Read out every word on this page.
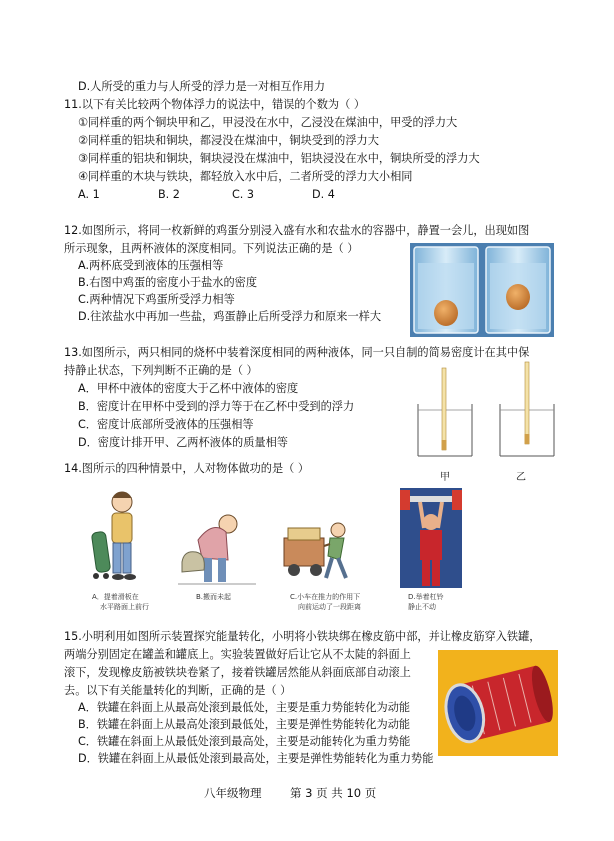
D.人所受的重力与人所受的浮力是一对相互作用力
11.以下有关比较两个物体浮力的说法中，错误的个数为（ ）
①同样重的两个铜块甲和乙，甲浸没在水中，乙浸没在煤油中，甲受的浮力大
②同样重的铝块和铜块，都浸没在煤油中，铜块受到的浮力大
③同样重的铝块和铜块，铜块浸没在煤油中，铝块浸没在水中，铜块所受的浮力大
④同样重的木块与铁块，都轻放入水中后，二者所受的浮力大小相同
A. 1	B. 2	C. 3	D. 4
12.如图所示，将同一枚新鲜的鸡蛋分别浸入盛有水和农盐水的容器中，静置一会儿，出现如图
所示现象，且两杯液体的深度相同。下列说法正确的是（ ）
A.两杯底受到液体的压强相等
B.右图中鸡蛋的密度小于盐水的密度
C.两种情况下鸡蛋所受浮力相等
D.往浓盐水中再加一些盐，鸡蛋静止后所受浮力和原来一样大
13.如图所示，两只相同的烧杯中装着深度相同的两种液体，同一只自制的简易密度计在其中保
持静止状态，下列判断不正确的是（ ）
A．甲杯中液体的密度大于乙杯中液体的密度
B．密度计在甲杯中受到的浮力等于在乙杯中受到的浮力
C．密度计底部所受液体的压强相等
D．密度计排开甲、乙两杯液体的质量相等
甲	乙
14.图所示的四种情景中，人对物体做功的是（ ）
A．提着滑板在
水平路面上前行
B.搬而未起	C.小车在推力的作用下
向前运动了一段距离
D.举着杠铃
静止不动
15.小明利用如图所示装置探究能量转化，小明将小铁块绑在橡皮筋中部，并让橡皮筋穿入铁罐，
两端分别固定在罐盖和罐底上。实验装置做好后让它从不太陡的斜面上
滚下，发现橡皮筋被铁块卷紧了，接着铁罐居然能从斜面底部自动滚上
去。以下有关能量转化的判断，正确的是（ ）
A．铁罐在斜面上从最高处滚到最低处，主要是重力势能转化为动能
B．铁罐在斜面上从最高处滚到最低处，主要是弹性势能转化为动能
C．铁罐在斜面上从最低处滚到最高处，主要是动能转化为重力势能
D．铁罐在斜面上从最低处滚到最高处，主要是弹性势能转化为重力势能
八年级物理 第 3 页 共 10 页
